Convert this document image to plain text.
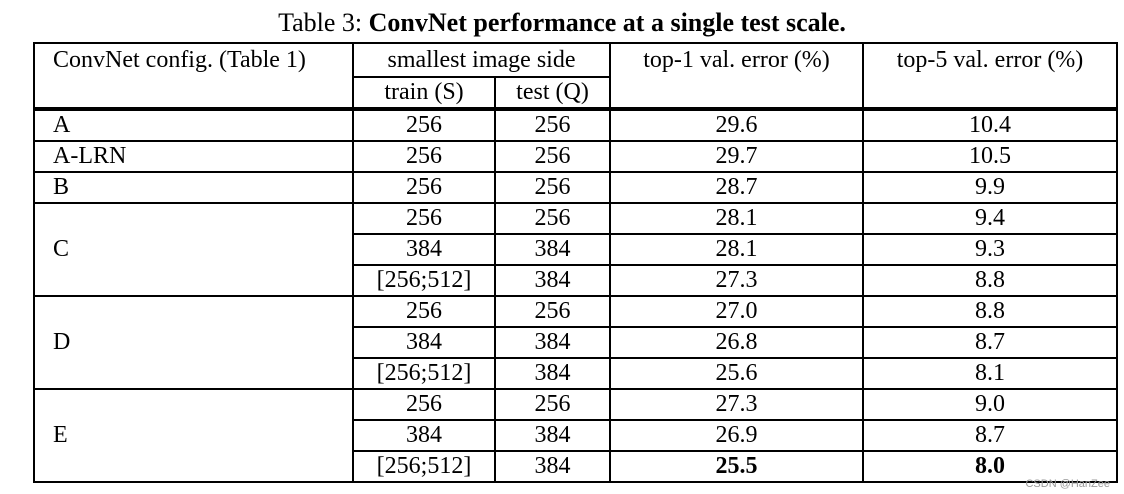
Table 3: ConvNet performance at a single test scale.
ConvNet config. (Table 1)	smallest image side		top-1 val. error (%)	top-5 val. error (%)
	train (S)	test (Q)		
A	256	256	29.6	10.4
A-LRN	256	256	29.7	10.5
B	256	256	28.7	9.9
C	256	256	28.1	9.4
	384	384	28.1	9.3
	[256;512]	384	27.3	8.8
D	256	256	27.0	8.8
	384	384	26.8	8.7
	[256;512]	384	25.6	8.1
E	256	256	27.3	9.0
	384	384	26.9	8.7
	[256;512]	384	25.5	8.0
CSDN @HanZee
